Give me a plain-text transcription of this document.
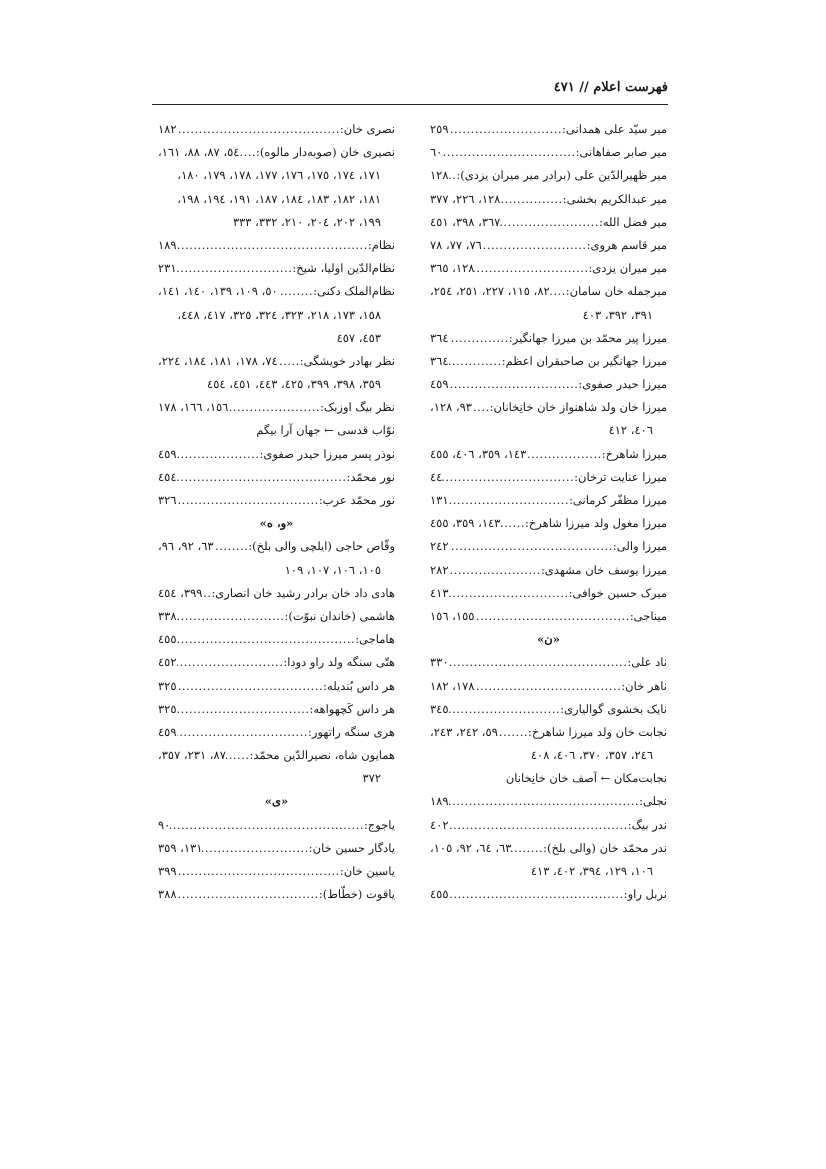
فهرست اعلام // ٤٧١
میر سیّد علی همدانی:
.....
٢٥٩
میر صابر صفاهانی:
.....
٦٠
میر ظهیرالدّین علی (برادر میر میران یزدی):
.....
١٢٨
میر عبدالکریم بخشی:
.....
١٢٨، ٢٢٦، ٣٧٧
میر فضل الله:
.....
٣٦٧، ٣٩٨، ٤٥١
میر قاسم هروی:
.....
٧٦، ٧٧، ٧٨
میر میران یزدی:
.....
١٢٨، ٣٦٥
میرجمله خان سامان:
.....
٨٢، ١١٥، ٢٢٧، ٢٥١، ٢٥٤،
٣٩١، ٣٩٢، ٤٠٣
میرزا پیر محمّد بن میرزا جهانگیر:
.....
٣٦٤
میرزا جهانگیر بن صاحبقران اعظم:
.....
٣٦٤
میرزا حیدر صفوی:
.....
٤٥٩
میرزا خان ولد شاهنواز خان خانِخانان:
.....
٩٣، ١٢٨،
٤٠٦، ٤١٢
میرزا شاهرخ:
.....
١٤٣، ٣٥٩، ٤٠٦، ٤٥٥
میرزا عنایت ترخان:
.....
٤٤
میرزا مظفّر کرمانی:
.....
١٣١
میرزا مغول ولد میرزا شاهرخ:
.....
١٤٣، ٣٥٩، ٤٥٥
میرزا والی:
.....
٢٤٢
میرزا یوسف خان مشهدی:
.....
٢٨٢
میرک حسین خوافی:
.....
٤١٣
میناجی:
.....
١٥٥، ١٥٦
«ن»
ناد علی:
.....
٣٣٠
ناهر خان:
.....
١٧٨، ١٨٢
نایک بخشوی گوالیاری:
.....
٣٤٥
نجابت خان ولد میرزا شاهرخ:
.....
٥٩، ٢٤٢، ٢٤٣،
٢٤٦، ٣٥٧، ٣٧٠، ٤٠٦، ٤٠٨
نجابت‌مکان ← آصف خان خانِخانان
نجلی:
.....
١٨٩
ندر بیگ:
.....
٤٠٢
ندر محمّد خان (والی بلخ):
.....
٦٣، ٦٤، ٩٢، ١٠٥،
١٠٦، ١٢٩، ٣٩٤، ٤٠٢، ٤١٣
نربل راو:
.....
٤٥٥
نصری خان:
.....
١٨٢
نصیری خان (صوبه‌دار مالوه):
.....
٥٤، ٨٧، ٨٨، ١٦١،
١٧١، ١٧٤، ١٧٥، ١٧٦، ١٧٧، ١٧٨، ١٧٩، ١٨٠،
١٨١، ١٨٢، ١٨٣، ١٨٤، ١٨٧، ١٩١، ١٩٤، ١٩٨،
١٩٩، ٢٠٢، ٢٠٤، ٢١٠، ٣٣٢، ٣٣٣
نظام:
.....
١٨٩
نظام‌الدّین اولیا، شیخ:
.....
٢٣١
نظام‌الملک دکنی:
.....
٥٠، ١٠٩، ١٣٩، ١٤٠، ١٤١،
١٥٨، ١٧٣، ٢١٨، ٣٢٣، ٣٢٤، ٣٢٥، ٤١٧، ٤٤٨،
٤٥٣، ٤٥٧
نظر بهادر خویشگی:
.....
٧٤، ١٧٨، ١٨١، ١٨٤، ٢٢٤،
٣٥٩، ٣٩٨، ٣٩٩، ٤٢٥، ٤٤٣، ٤٥١، ٤٥٤
نظر بیگ اوزبک:
.....
١٥٦، ١٦٦، ١٧٨
نوّاب قدسی ← جهان آرا بیگم
نوذر پسر میرزا حیدر صفوی:
.....
٤٥٩
نور محمّد:
.....
٤٥٤
نور محمّد عرب:
.....
٣٢٦
«و، ه»
وقّاص حاجی (ایلچی والی بلخ):
.....
٦٣، ٩٢، ٩٦،
١٠٥، ١٠٦، ١٠٧، ١٠٩
هادی داد خان برادر رشید خان انصاری:
.....
٣٩٩، ٤٥٤
هاشمی (خاندان نبوّت):
.....
٣٣٨
هاماجی:
.....
٤٥٥
هتّی سنگه ولد راو دودا:
.....
٤٥٢
هر داس بُندیله:
.....
٣٢٥
هر داس کَچهواهه:
.....
٣٢٥
هری سنگه راتهور:
.....
٤٥٩
همایون شاه، نصیرالدّین محمّد:
.....
٨٧، ٢٣١، ٣٥٧،
٣٧٢
«ی»
یاجوج:
.....
٩٠
یادگار حسین خان:
.....
١٣١، ٣٥٩
یاسین خان:
.....
٣٩٩
یاقوت (خطّاط):
.....
٣٨٨
